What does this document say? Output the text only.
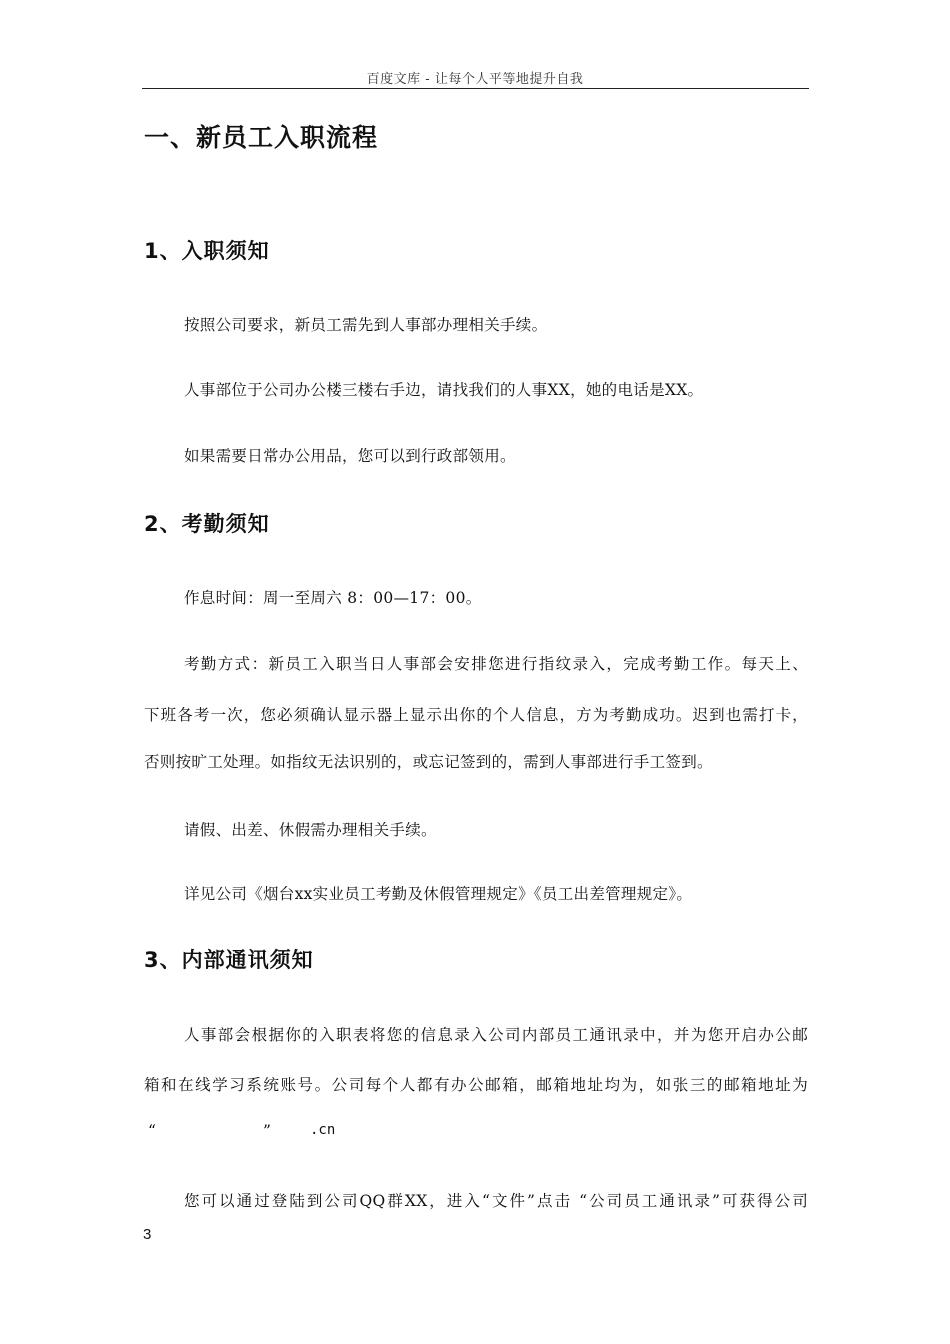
百度文库 - 让每个人平等地提升自我
一、新员工入职流程
1、入职须知
按照公司要求，新员工需先到人事部办理相关手续。
人事部位于公司办公楼三楼右手边，请找我们的人事XX，她的电话是XX。
如果需要日常办公用品，您可以到行政部领用。
2、考勤须知
作息时间：周一至周六 8：00—17：00。
考勤方式：新员工入职当日人事部会安排您进行指纹录入，完成考勤工作。每天上、
下班各考一次，您必须确认显示器上显示出你的个人信息，方为考勤成功。迟到也需打卡，
否则按旷工处理。如指纹无法识别的，或忘记签到的，需到人事部进行手工签到。
请假、出差、休假需办理相关手续。
详见公司《烟台xx实业员工考勤及休假管理规定》《员工出差管理规定》。
3、内部通讯须知
人事部会根据你的入职表将您的信息录入公司内部员工通讯录中，并为您开启办公邮
箱和在线学习系统账号。公司每个人都有办公邮箱，邮箱地址均为，如张三的邮箱地址为
“	”	.cn
您可以通过登陆到公司QQ群XX，进入“文件”点击 “公司员工通讯录”可获得公司
3
